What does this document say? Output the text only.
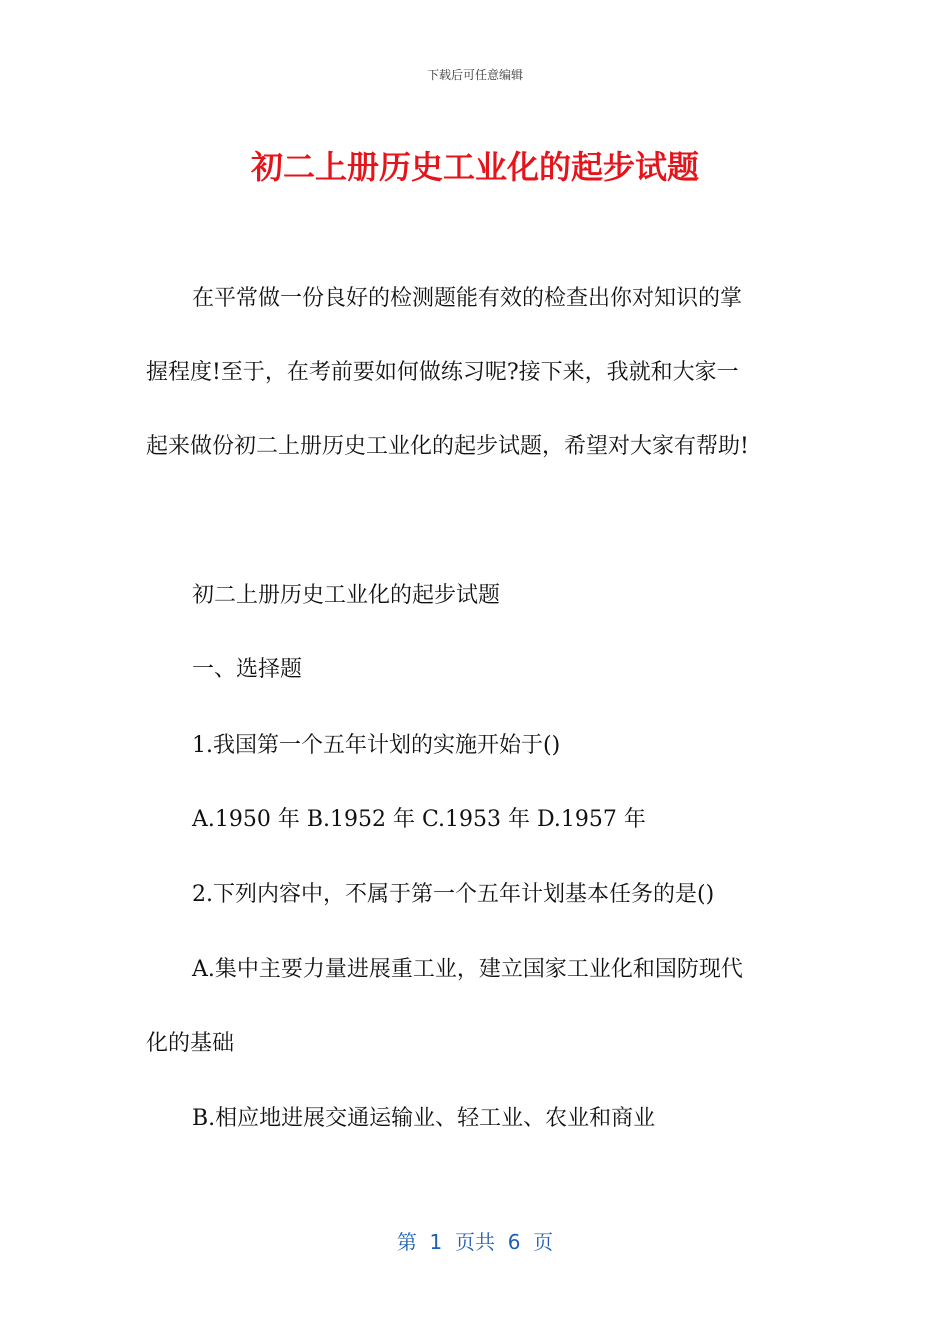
下载后可任意编辑
初二上册历史工业化的起步试题

在平常做一份良好的检测题能有效的检查出你对知识的掌

握程度!至于，在考前要如何做练习呢?接下来，我就和大家一

起来做份初二上册历史工业化的起步试题，希望对大家有帮助!

初二上册历史工业化的起步试题

一、选择题

1.我国第一个五年计划的实施开始于()

A.1950 年 B.1952 年 C.1953 年 D.1957 年

2.下列内容中，不属于第一个五年计划基本任务的是()

A.集中主要力量进展重工业，建立国家工业化和国防现代

化的基础

B.相应地进展交通运输业、轻工业、农业和商业

第  1  页共  6  页
